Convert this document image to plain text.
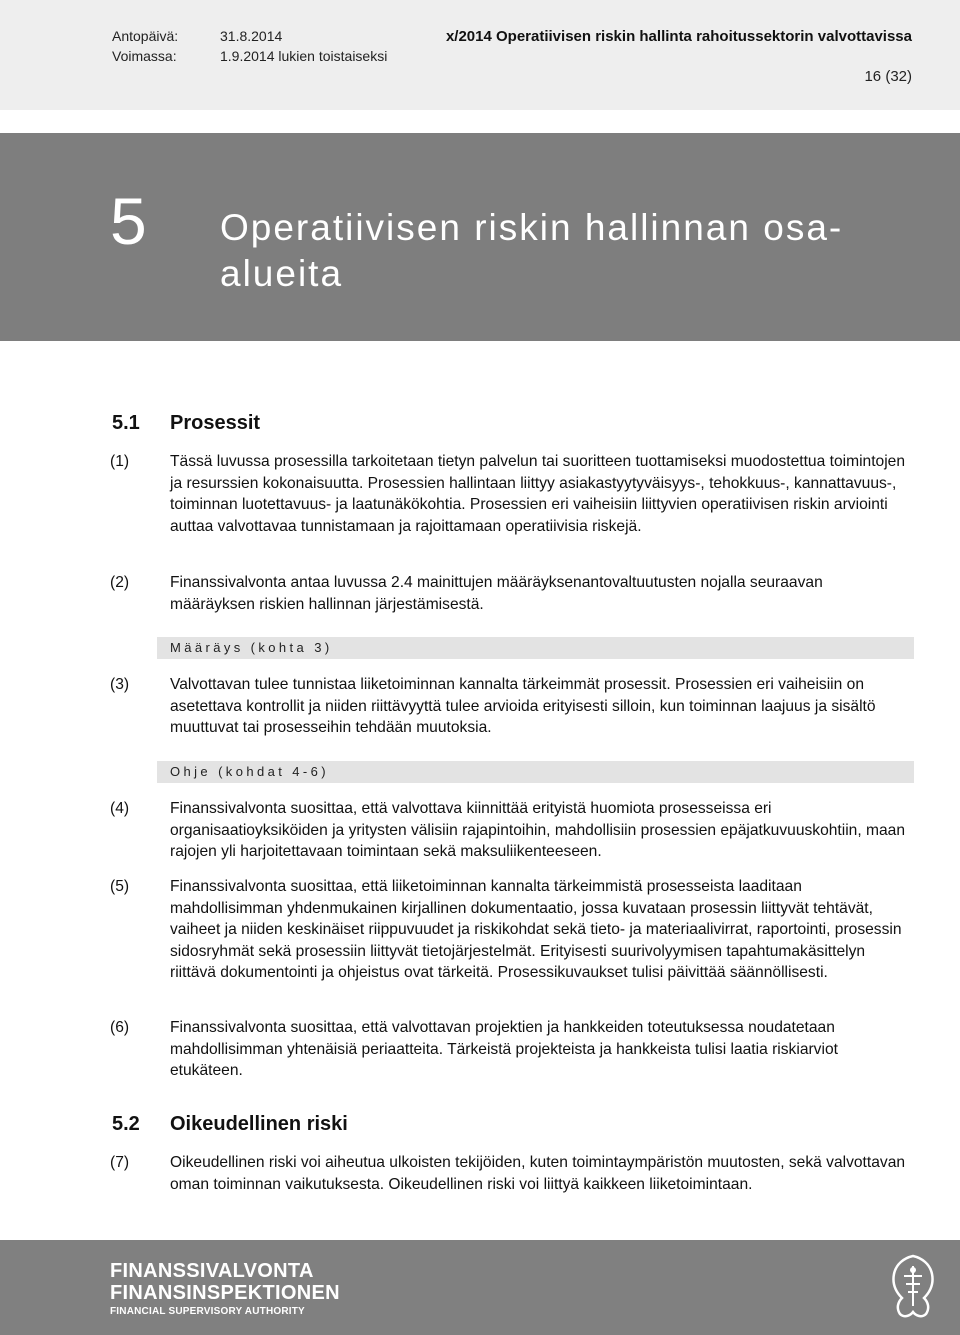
Antopäivä:	31.8.2014
Voimassa:	1.9.2014 lukien toistaiseksi
x/2014 Operatiivisen riskin hallinta rahoitussektorin valvottavissa
16 (32)
5 Operatiivisen riskin hallinnan osa-
alueita
5.1 Prosessit
(1)	Tässä luvussa prosessilla tarkoitetaan tietyn palvelun tai suoritteen tuottamiseksi muodostettua toimintojen ja resurssien kokonaisuutta. Prosessien hallintaan liittyy asiakastyytyväisyys-, tehokkuus-, kannattavuus-, toiminnan luotettavuus- ja laatunäkökohtia. Prosessien eri vaiheisiin liittyvien operatiivisen riskin arviointi auttaa valvottavaa tunnistamaan ja rajoittamaan operatiivisia riskejä.
(2)	Finanssivalvonta antaa luvussa 2.4 mainittujen määräyksenantovaltuutusten nojalla seuraavan määräyksen riskien hallinnan järjestämisestä.
Määräys (kohta 3)
(3)	Valvottavan tulee tunnistaa liiketoiminnan kannalta tärkeimmät prosessit. Prosessien eri vaiheisiin on asetettava kontrollit ja niiden riittävyyttä tulee arvioida erityisesti silloin, kun toiminnan laajuus ja sisältö muuttuvat tai prosesseihin tehdään muutoksia.
Ohje (kohdat 4-6)
(4)	Finanssivalvonta suosittaa, että valvottava kiinnittää erityistä huomiota prosesseissa eri organisaatioyksiköiden ja yritysten välisiin rajapintoihin, mahdollisiin prosessien epäjatkuvuuskohtiin, maan rajojen yli harjoitettavaan toimintaan sekä maksuliikenteeseen.
(5)	Finanssivalvonta suosittaa, että liiketoiminnan kannalta tärkeimmistä prosesseista laaditaan mahdollisimman yhdenmukainen kirjallinen dokumentaatio, jossa kuvataan prosessin liittyvät tehtävät, vaiheet ja niiden keskinäiset riippuvuudet ja riskikohdat sekä tieto- ja materiaalivirrat, raportointi, prosessin sidosryhmät sekä prosessiin liittyvät tietojärjestelmät. Erityisesti suurivolyymisen tapahtumakäsittelyn riittävä dokumentointi ja ohjeistus ovat tärkeitä. Prosessikuvaukset tulisi päivittää säännöllisesti.
(6)	Finanssivalvonta suosittaa, että valvottavan projektien ja hankkeiden toteutuksessa noudatetaan mahdollisimman yhtenäisiä periaatteita. Tärkeistä projekteista ja hankkeista tulisi laatia riskiarviot etukäteen.
5.2 Oikeudellinen riski
(7)	Oikeudellinen riski voi aiheutua ulkoisten tekijöiden, kuten toimintaympäristön muutosten, sekä valvottavan oman toiminnan vaikutuksesta. Oikeudellinen riski voi liittyä kaikkeen liiketoimintaan.
FINANSSIVALVONTA
FINANSINSPEKTIONEN
FINANCIAL SUPERVISORY AUTHORITY
